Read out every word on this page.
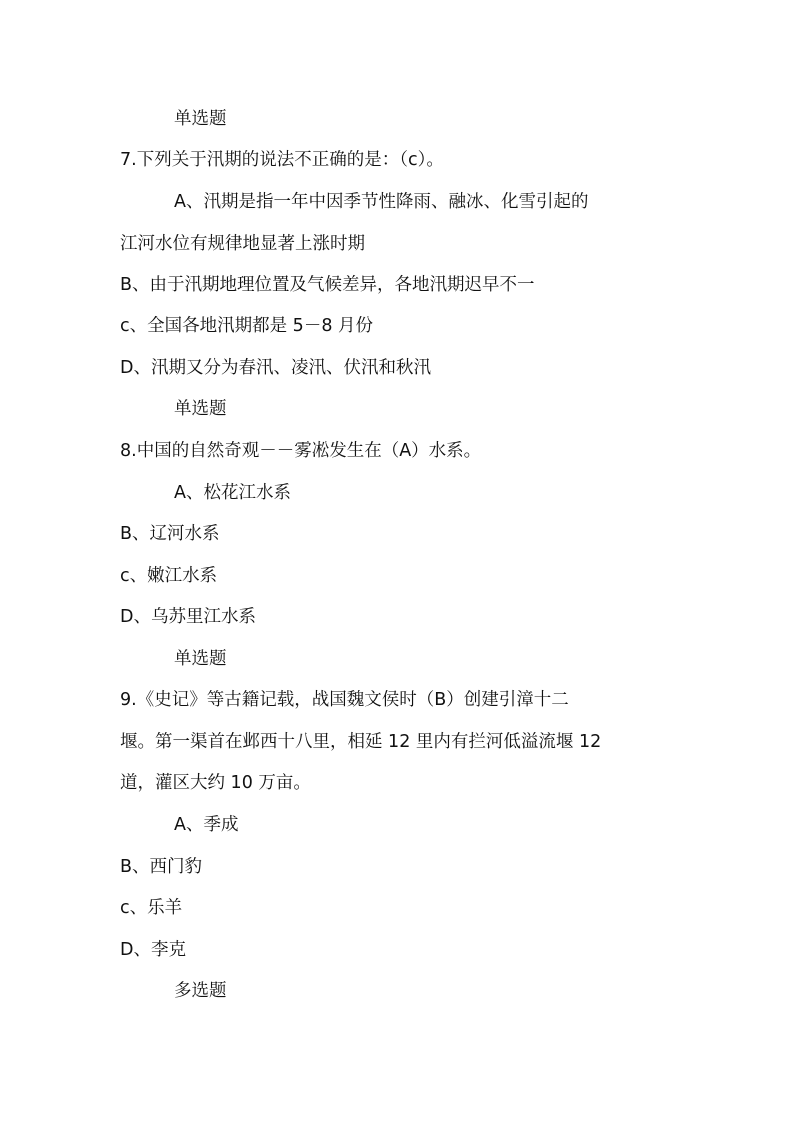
单选题

7.下列关于汛期的说法不正确的是：（c）。

A、汛期是指一年中因季节性降雨、融冰、化雪引起的

江河水位有规律地显著上涨时期

B、由于汛期地理位置及气候差异，各地汛期迟早不一

c、全国各地汛期都是 5－8 月份

D、汛期又分为春汛、凌汛、伏汛和秋汛

单选题

8.中国的自然奇观－－雾凇发生在（A）水系。

A、松花江水系

B、辽河水系

c、嫩江水系

D、乌苏里江水系

单选题

9.《史记》等古籍记载，战国魏文侯时（B）创建引漳十二

堰。第一渠首在邺西十八里，相延 12 里内有拦河低溢流堰 12

道，灌区大约 10 万亩。

A、季成

B、西门豹

c、乐羊

D、李克

多选题
